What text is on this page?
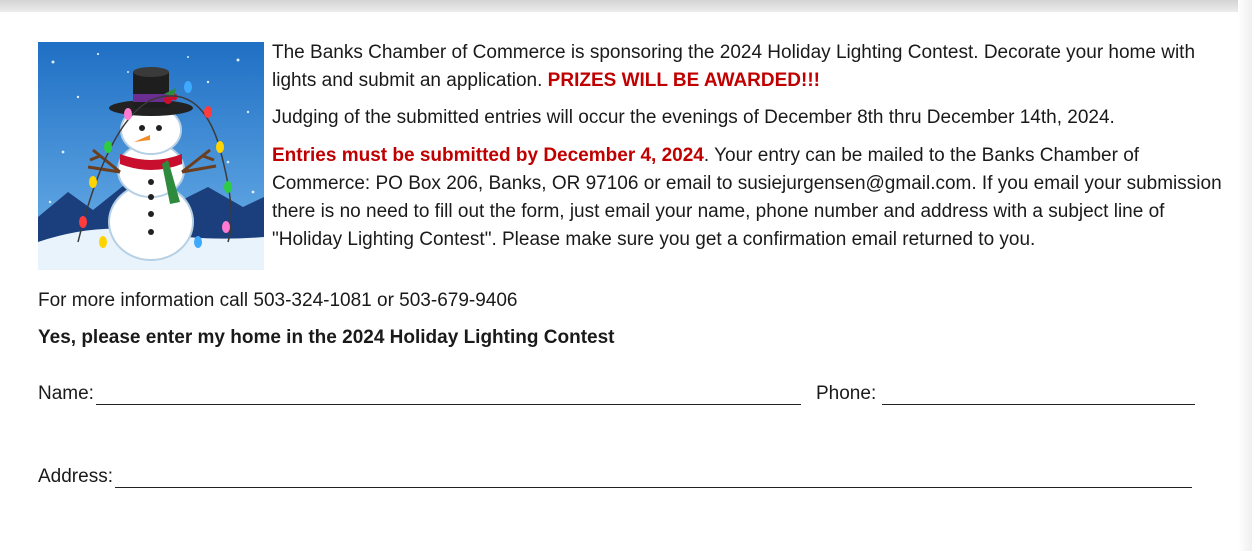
The Banks Chamber of Commerce is sponsoring the 2024 Holiday Lighting Contest. Decorate your home with lights and submit an application. PRIZES WILL BE AWARDED!!!
Judging of the submitted entries will occur the evenings of December 8th thru December 14th, 2024.
Entries must be submitted by December 4, 2024. Your entry can be mailed to the Banks Chamber of Commerce: PO Box 206, Banks, OR 97106 or email to susiejurgensen@gmail.com. If you email your submission there is no need to fill out the form, just email your name, phone number and address with a subject line of "Holiday Lighting Contest". Please make sure you get a confirmation email returned to you.
For more information call 503-324-1081 or 503-679-9406
Yes, please enter my home in the 2024 Holiday Lighting Contest
Name:	Phone:
Address:
